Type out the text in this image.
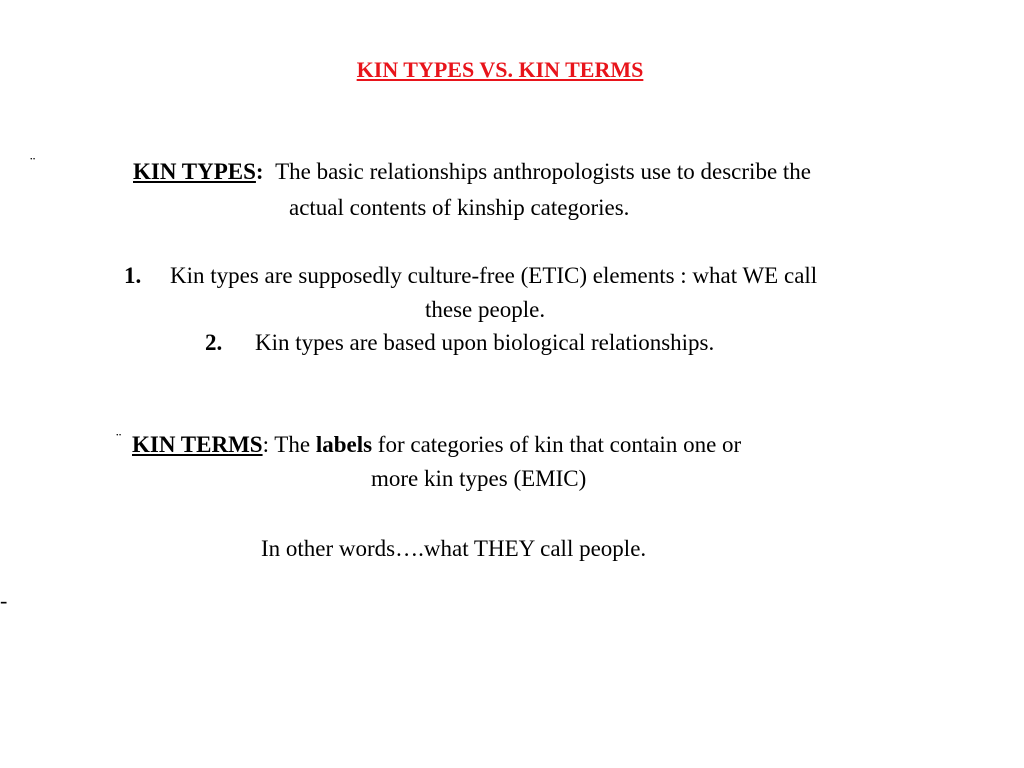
KIN TYPES VS. KIN TERMS
¨	KIN TYPES: The basic relationships anthropologists use to describe the
actual contents of kinship categories.
1. Kin types are supposedly culture-free (ETIC) elements : what WE call
these people.
2. Kin types are based upon biological relationships.
¨ KIN TERMS: The labels for categories of kin that contain one or
more kin types (EMIC)
In other words….what THEY call people.
-
